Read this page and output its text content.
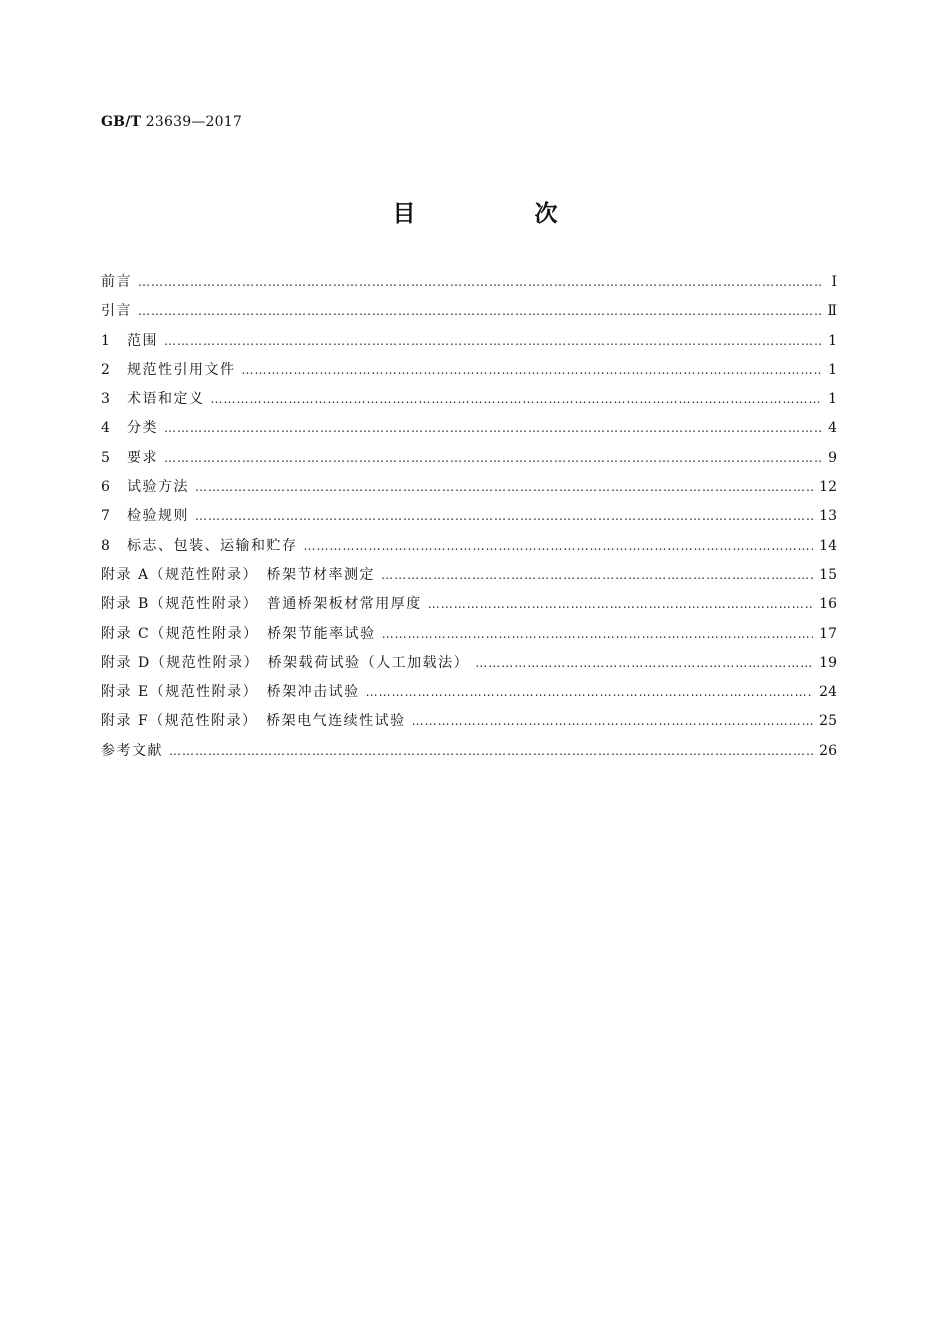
GB/T 23639—2017
目　次
前言 …………………………………………………………………………………………………………………………………………………………………………………	Ⅰ
引言 …………………………………………………………………………………………………………………………………………………………………………………	Ⅱ
1 范围 …………………………………………………………………………………………………………………………………………………………………………………	1
2 规范性引用文件 …………………………………………………………………………………………………………………………………………………………………………………	1
3 术语和定义 …………………………………………………………………………………………………………………………………………………………………………………	1
4 分类 …………………………………………………………………………………………………………………………………………………………………………………	4
5 要求 …………………………………………………………………………………………………………………………………………………………………………………	9
6 试验方法 …………………………………………………………………………………………………………………………………………………………………………………	12
7 检验规则 …………………………………………………………………………………………………………………………………………………………………………………	13
8 标志、包装、运输和贮存 …………………………………………………………………………………………………………………………………………………………………………………	14
附录 A（规范性附录）　桥架节材率测定 …………………………………………………………………………………………………………………………………………………………………………………	15
附录 B（规范性附录）　普通桥架板材常用厚度 …………………………………………………………………………………………………………………………………………………………………………………	16
附录 C（规范性附录）　桥架节能率试验 …………………………………………………………………………………………………………………………………………………………………………………	17
附录 D（规范性附录）　桥架载荷试验（人工加载法） …………………………………………………………………………………………………………………………………………………………………………………	19
附录 E（规范性附录）　桥架冲击试验 …………………………………………………………………………………………………………………………………………………………………………………	24
附录 F（规范性附录）　桥架电气连续性试验 …………………………………………………………………………………………………………………………………………………………………………………	25
参考文献 …………………………………………………………………………………………………………………………………………………………………………………	26
